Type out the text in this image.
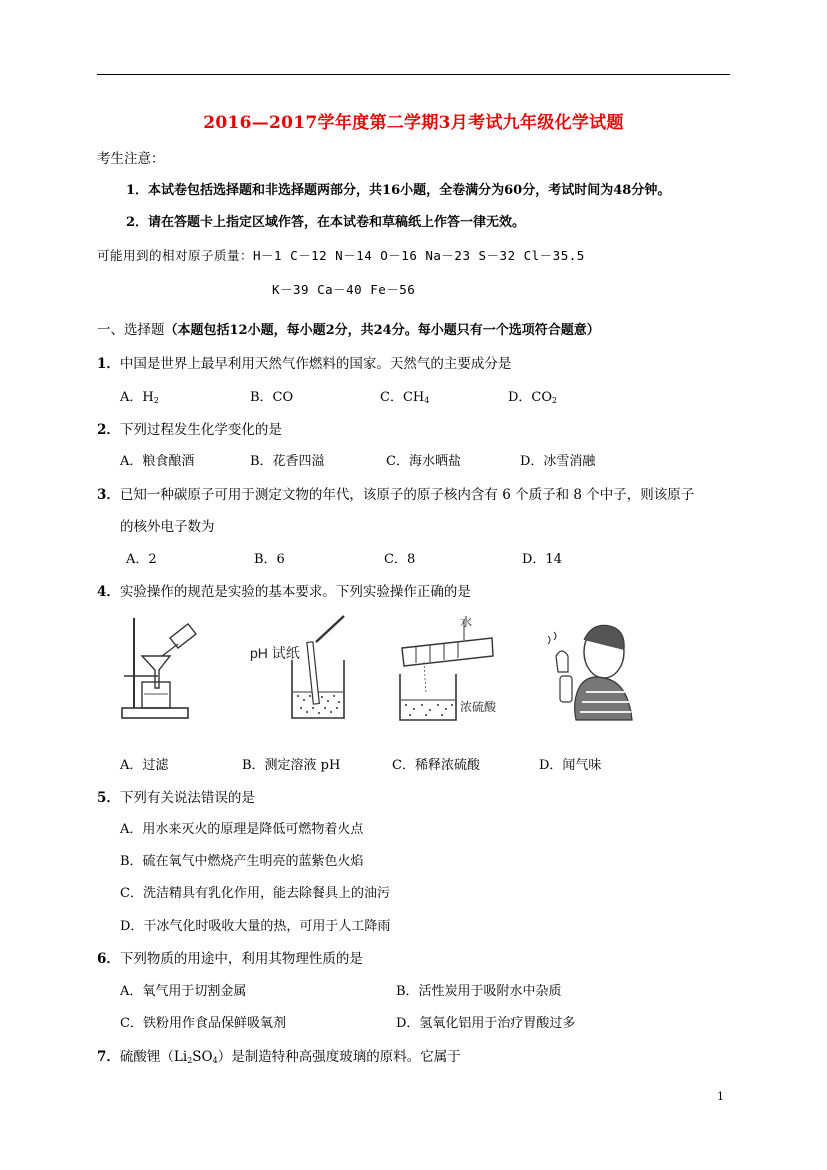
2016—2017学年度第二学期3月考试九年级化学试题
考生注意：
1．本试卷包括选择题和非选择题两部分，共16小题，全卷满分为60分，考试时间为48分钟。
2．请在答题卡上指定区域作答，在本试卷和草稿纸上作答一律无效。
可能用到的相对原子质量：H－1 C－12 N－14 O－16 Na－23 S－32 Cl－35.5
K－39 Ca－40 Fe－56
一、选择题（本题包括12小题，每小题2分，共24分。每小题只有一个选项符合题意）
1．中国是世界上最早利用天然气作燃料的国家。天然气的主要成分是
A．$H_2$	B．CO	C．$CH_4$	D．$CO_2$
2．下列过程发生化学变化的是
A．粮食酿酒	B．花香四溢	C．海水晒盐	D．冰雪消融
3．已知一种碳原子可用于测定文物的年代，该原子的原子核内含有 6 个质子和 8 个中子，则该原子
的核外电子数为
A．2	B．6	C．8	D．14
4．实验操作的规范是实验的基本要求。下列实验操作正确的是
pH 试纸
水
浓硫酸
A．过滤	B．测定溶液 pH	C．稀释浓硫酸	D．闻气味
5．下列有关说法错误的是
A．用水来灭火的原理是降低可燃物着火点
B．硫在氧气中燃烧产生明亮的蓝紫色火焰
C．洗洁精具有乳化作用，能去除餐具上的油污
D．干冰气化时吸收大量的热，可用于人工降雨
6．下列物质的用途中，利用其物理性质的是
A．氧气用于切割金属	B．活性炭用于吸附水中杂质
C．铁粉用作食品保鲜吸氧剂	D．氢氧化铝用于治疗胃酸过多
7．硫酸锂$(Li_2SO_4)$是制造特种高强度玻璃的原料。它属于
1
